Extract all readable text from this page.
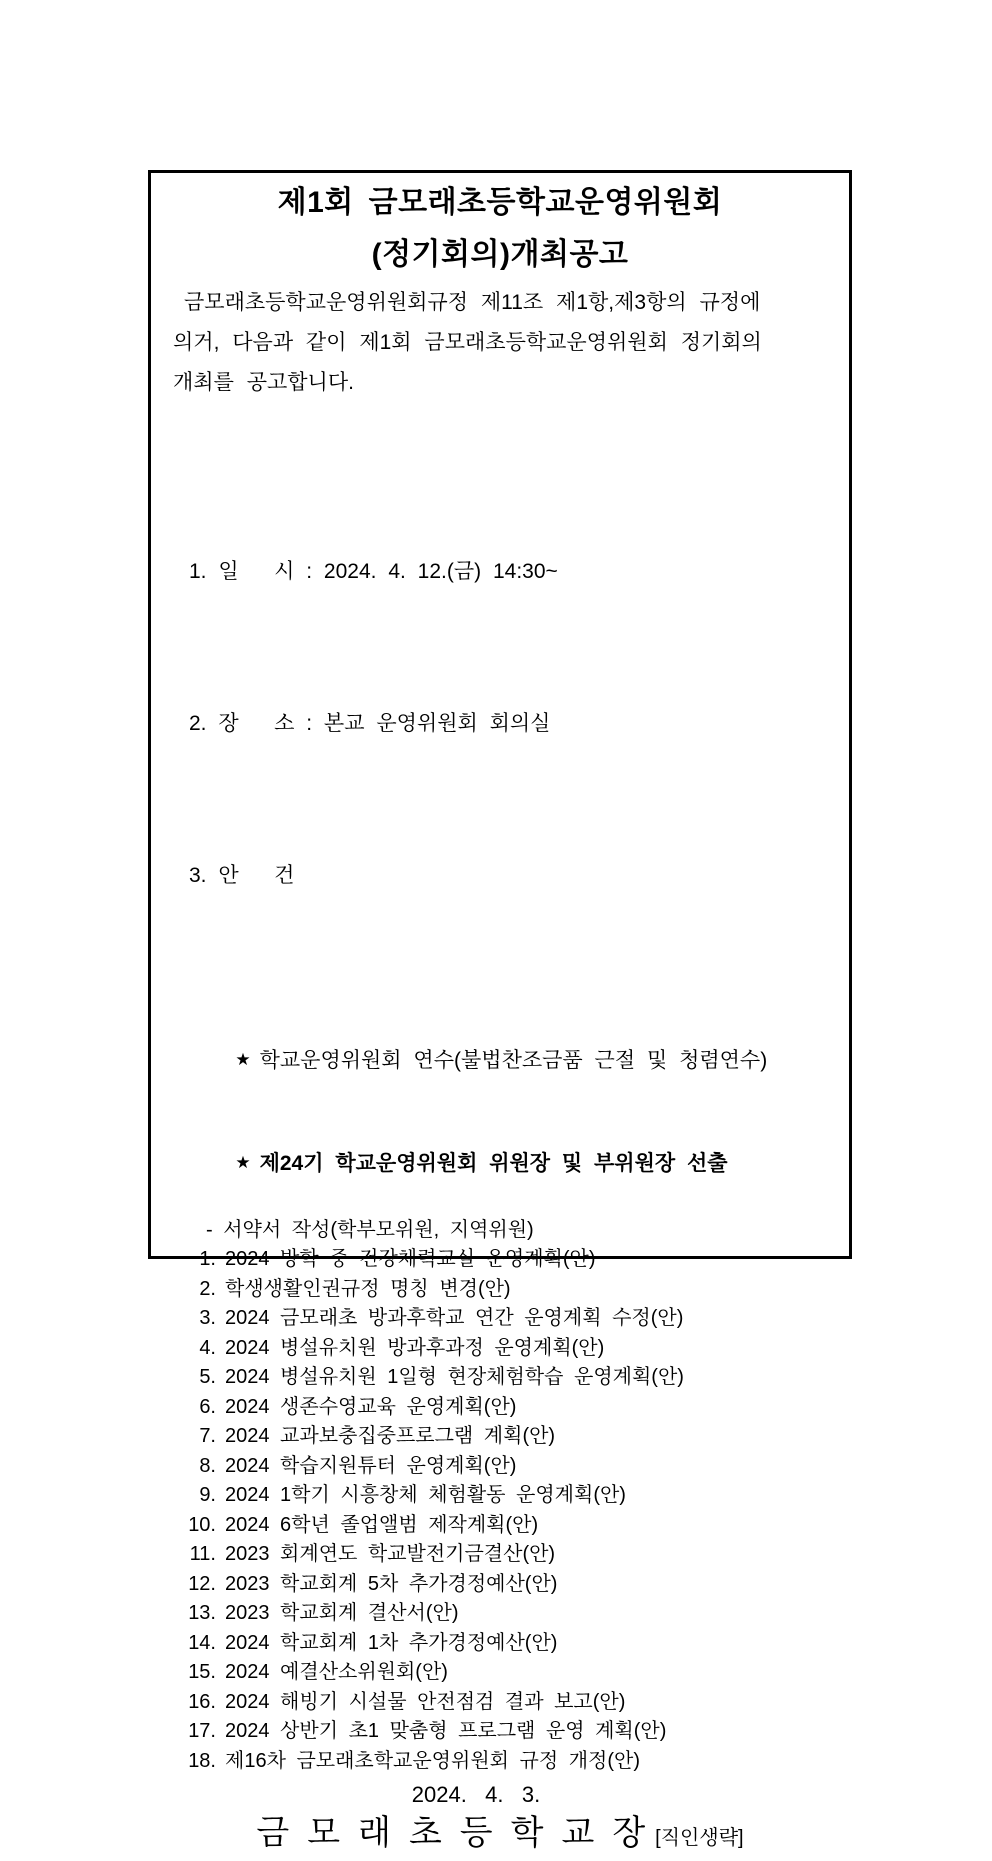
제1회 금모래초등학교운영위원회
(정기회의)개최공고
금모래초등학교운영위원회규정 제11조 제1항,제3항의 규정에
의거, 다음과 같이 제1회 금모래초등학교운영위원회 정기회의
개최를 공고합니다.

1. 일   시 : 2024. 4. 12.(금) 14:30~

2. 장   소 : 본교 운영위원회 회의실

3. 안   건

★ 학교운영위원회 연수(불법찬조금품 근절 및 청렴연수)

★ 제24기 학교운영위원회 위원장 및 부위원장 선출

- 서약서 작성(학부모위원, 지역위원)
1. 2024 방학 중 건강체력교실 운영계획(안)
2. 학생생활인권규정 명칭 변경(안)
3. 2024 금모래초 방과후학교 연간 운영계획 수정(안)
4. 2024 병설유치원 방과후과정 운영계획(안)
5. 2024 병설유치원 1일형 현장체험학습 운영계획(안)
6. 2024 생존수영교육 운영계획(안)
7. 2024 교과보충집중프로그램 계획(안)
8. 2024 학습지원튜터 운영계획(안)
9. 2024 1학기 시흥창체 체험활동 운영계획(안)
10. 2024 6학년 졸업앨범 제작계획(안)
11. 2023 회계연도 학교발전기금결산(안)
12. 2023 학교회계 5차 추가경정예산(안)
13. 2023 학교회계 결산서(안)
14. 2024 학교회계 1차 추가경정예산(안)
15. 2024 예결산소위원회(안)
16. 2024 해빙기 시설물 안전점검 결과 보고(안)
17. 2024 상반기 초1 맞춤형 프로그램 운영 계획(안)
18. 제16차 금모래초학교운영위원회 규정 개정(안)
2024.   4.   3.
금모래초등학교장[직인생략]
